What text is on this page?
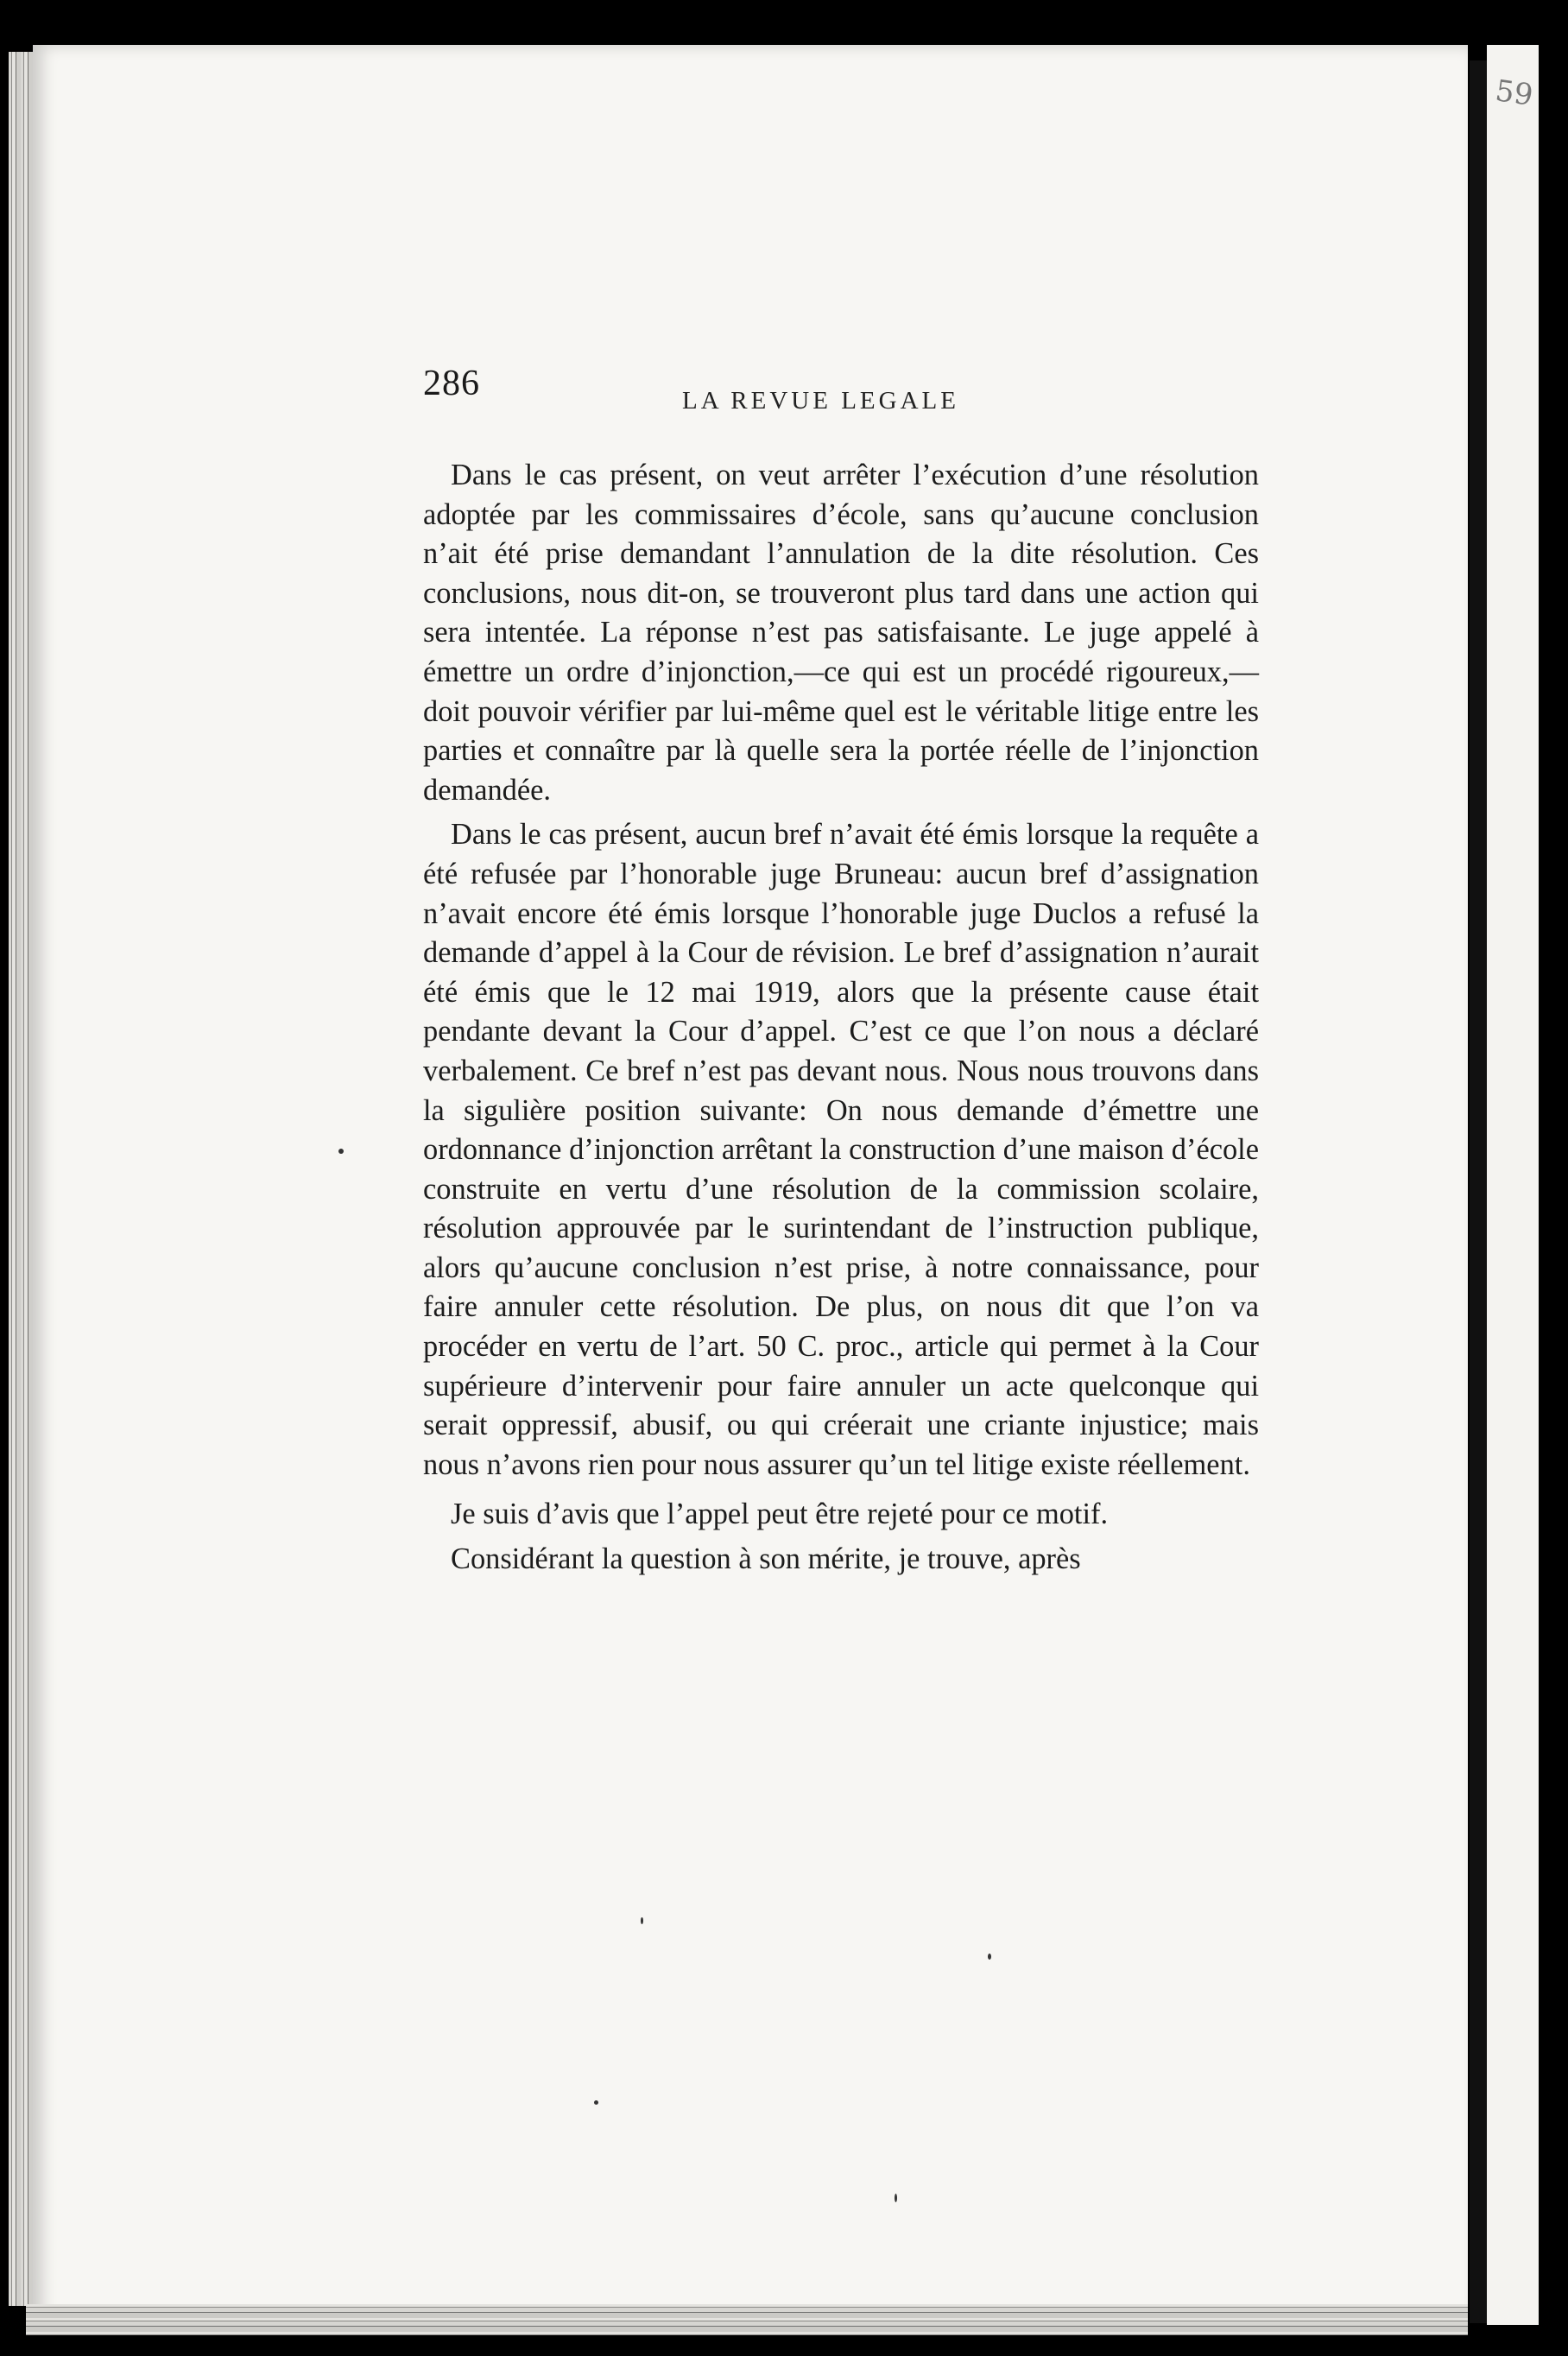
59
286	LA REVUE LEGALE

Dans le cas présent, on veut arrêter l’exécution d’une résolution adoptée par les commissaires d’école, sans qu’aucune conclusion n’ait été prise demandant l’annulation de la dite résolution. Ces conclusions, nous dit-on, se trouveront plus tard dans une action qui sera intentée. La réponse n’est pas satisfaisante. Le juge appelé à émettre un ordre d’injonction,—ce qui est un procédé rigoureux,—doit pouvoir vérifier par lui-même quel est le véritable litige entre les parties et connaître par là quelle sera la portée réelle de l’injonction demandée.

Dans le cas présent, aucun bref n’avait été émis lorsque la requête a été refusée par l’honorable juge Bruneau: aucun bref d’assignation n’avait encore été émis lorsque l’honorable juge Duclos a refusé la demande d’appel à la Cour de révision. Le bref d’assignation n’aurait été émis que le 12 mai 1919, alors que la présente cause était pendante devant la Cour d’appel. C’est ce que l’on nous a déclaré verbalement. Ce bref n’est pas devant nous. Nous nous trouvons dans la sigulière position suivante: On nous demande d’émettre une ordonnance d’injonction arrêtant la construction d’une maison d’école construite en vertu d’une résolution de la commission scolaire, résolution approuvée par le surintendant de l’instruction publique, alors qu’aucune conclusion n’est prise, à notre connaissance, pour faire annuler cette résolution. De plus, on nous dit que l’on va procéder en vertu de l’art. 50 C. proc., article qui permet à la Cour supérieure d’intervenir pour faire annuler un acte quelconque qui serait oppressif, abusif, ou qui créerait une criante injustice; mais nous n’avons rien pour nous assurer qu’un tel litige existe réellement.

Je suis d’avis que l’appel peut être rejeté pour ce motif.

Considérant la question à son mérite, je trouve, après
